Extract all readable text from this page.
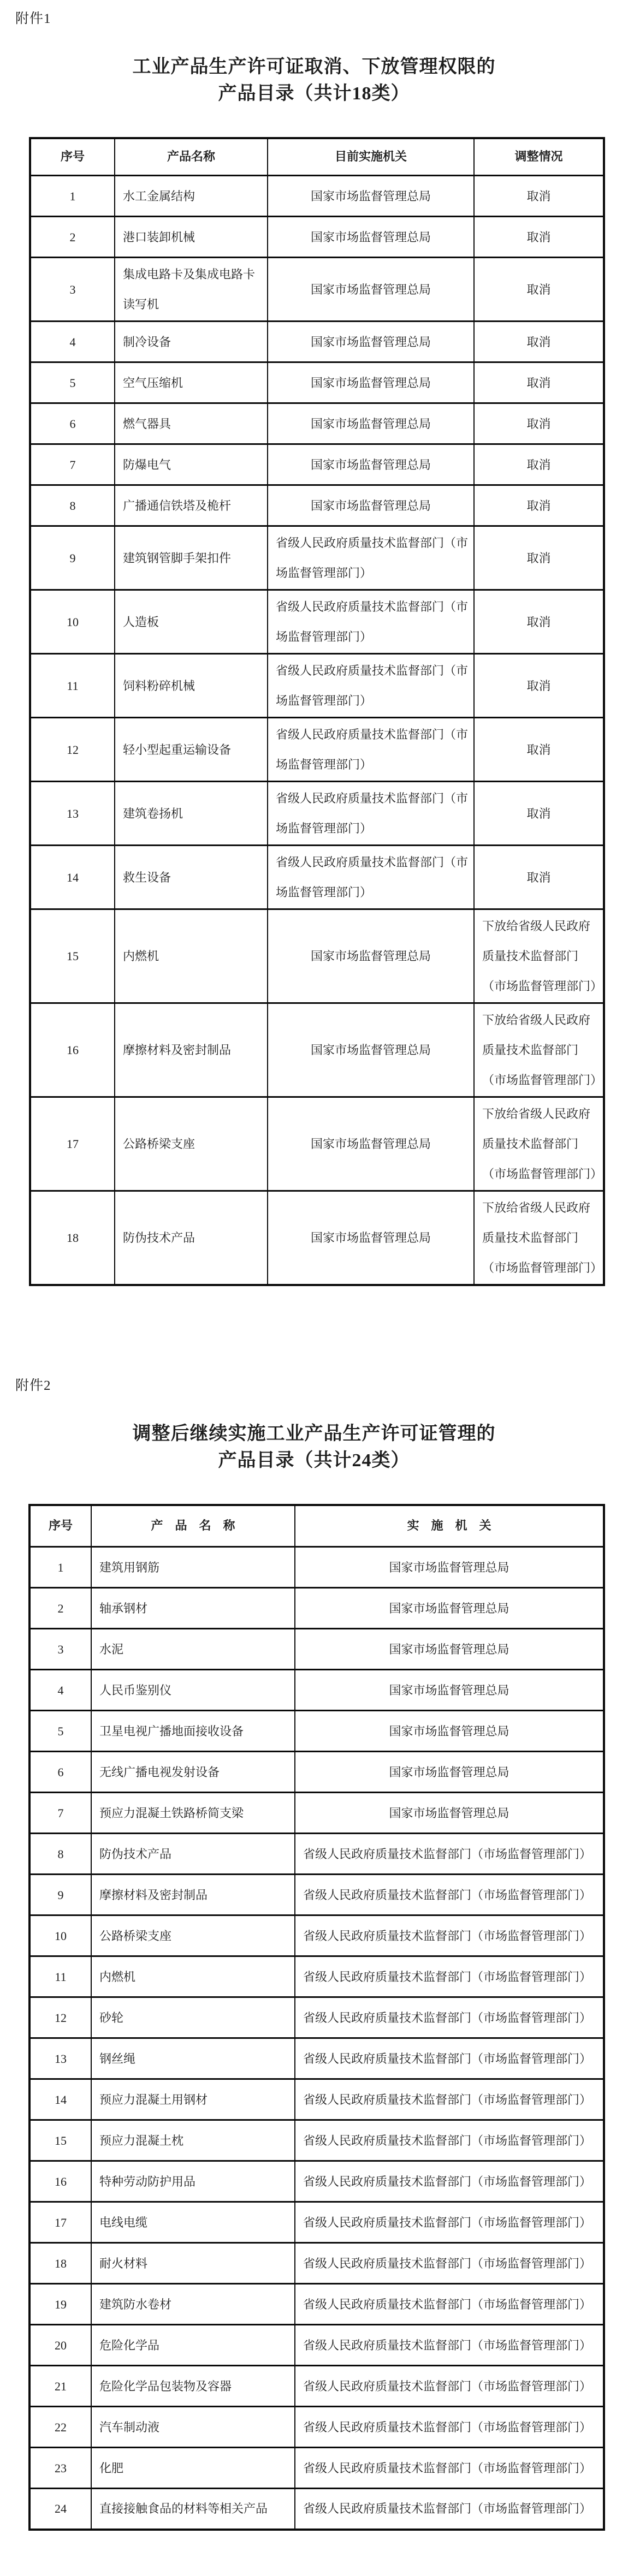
附件1
工业产品生产许可证取消、下放管理权限的
产品目录（共计18类）
序号	产品名称	目前实施机关	调整情况
1	水工金属结构	国家市场监督管理总局	取消
2	港口装卸机械	国家市场监督管理总局	取消
3	集成电路卡及集成电路卡读写机	国家市场监督管理总局	取消
4	制冷设备	国家市场监督管理总局	取消
5	空气压缩机	国家市场监督管理总局	取消
6	燃气器具	国家市场监督管理总局	取消
7	防爆电气	国家市场监督管理总局	取消
8	广播通信铁塔及桅杆	国家市场监督管理总局	取消
9	建筑钢管脚手架扣件	省级人民政府质量技术监督部门（市场监督管理部门）	取消
10	人造板	省级人民政府质量技术监督部门（市场监督管理部门）	取消
11	饲料粉碎机械	省级人民政府质量技术监督部门（市场监督管理部门）	取消
12	轻小型起重运输设备	省级人民政府质量技术监督部门（市场监督管理部门）	取消
13	建筑卷扬机	省级人民政府质量技术监督部门（市场监督管理部门）	取消
14	救生设备	省级人民政府质量技术监督部门（市场监督管理部门）	取消
15	内燃机	国家市场监督管理总局	下放给省级人民政府质量技术监督部门（市场监督管理部门）
16	摩擦材料及密封制品	国家市场监督管理总局	下放给省级人民政府质量技术监督部门（市场监督管理部门）
17	公路桥梁支座	国家市场监督管理总局	下放给省级人民政府质量技术监督部门（市场监督管理部门）
18	防伪技术产品	国家市场监督管理总局	下放给省级人民政府质量技术监督部门（市场监督管理部门）
附件2
调整后继续实施工业产品生产许可证管理的
产品目录（共计24类）
序号	产　品　名　称	实　施　机　关
1	建筑用钢筋	国家市场监督管理总局
2	轴承钢材	国家市场监督管理总局
3	水泥	国家市场监督管理总局
4	人民币鉴别仪	国家市场监督管理总局
5	卫星电视广播地面接收设备	国家市场监督管理总局
6	无线广播电视发射设备	国家市场监督管理总局
7	预应力混凝土铁路桥简支梁	国家市场监督管理总局
8	防伪技术产品	省级人民政府质量技术监督部门（市场监督管理部门）
9	摩擦材料及密封制品	省级人民政府质量技术监督部门（市场监督管理部门）
10	公路桥梁支座	省级人民政府质量技术监督部门（市场监督管理部门）
11	内燃机	省级人民政府质量技术监督部门（市场监督管理部门）
12	砂轮	省级人民政府质量技术监督部门（市场监督管理部门）
13	钢丝绳	省级人民政府质量技术监督部门（市场监督管理部门）
14	预应力混凝土用钢材	省级人民政府质量技术监督部门（市场监督管理部门）
15	预应力混凝土枕	省级人民政府质量技术监督部门（市场监督管理部门）
16	特种劳动防护用品	省级人民政府质量技术监督部门（市场监督管理部门）
17	电线电缆	省级人民政府质量技术监督部门（市场监督管理部门）
18	耐火材料	省级人民政府质量技术监督部门（市场监督管理部门）
19	建筑防水卷材	省级人民政府质量技术监督部门（市场监督管理部门）
20	危险化学品	省级人民政府质量技术监督部门（市场监督管理部门）
21	危险化学品包装物及容器	省级人民政府质量技术监督部门（市场监督管理部门）
22	汽车制动液	省级人民政府质量技术监督部门（市场监督管理部门）
23	化肥	省级人民政府质量技术监督部门（市场监督管理部门）
24	直接接触食品的材料等相关产品	省级人民政府质量技术监督部门（市场监督管理部门）
